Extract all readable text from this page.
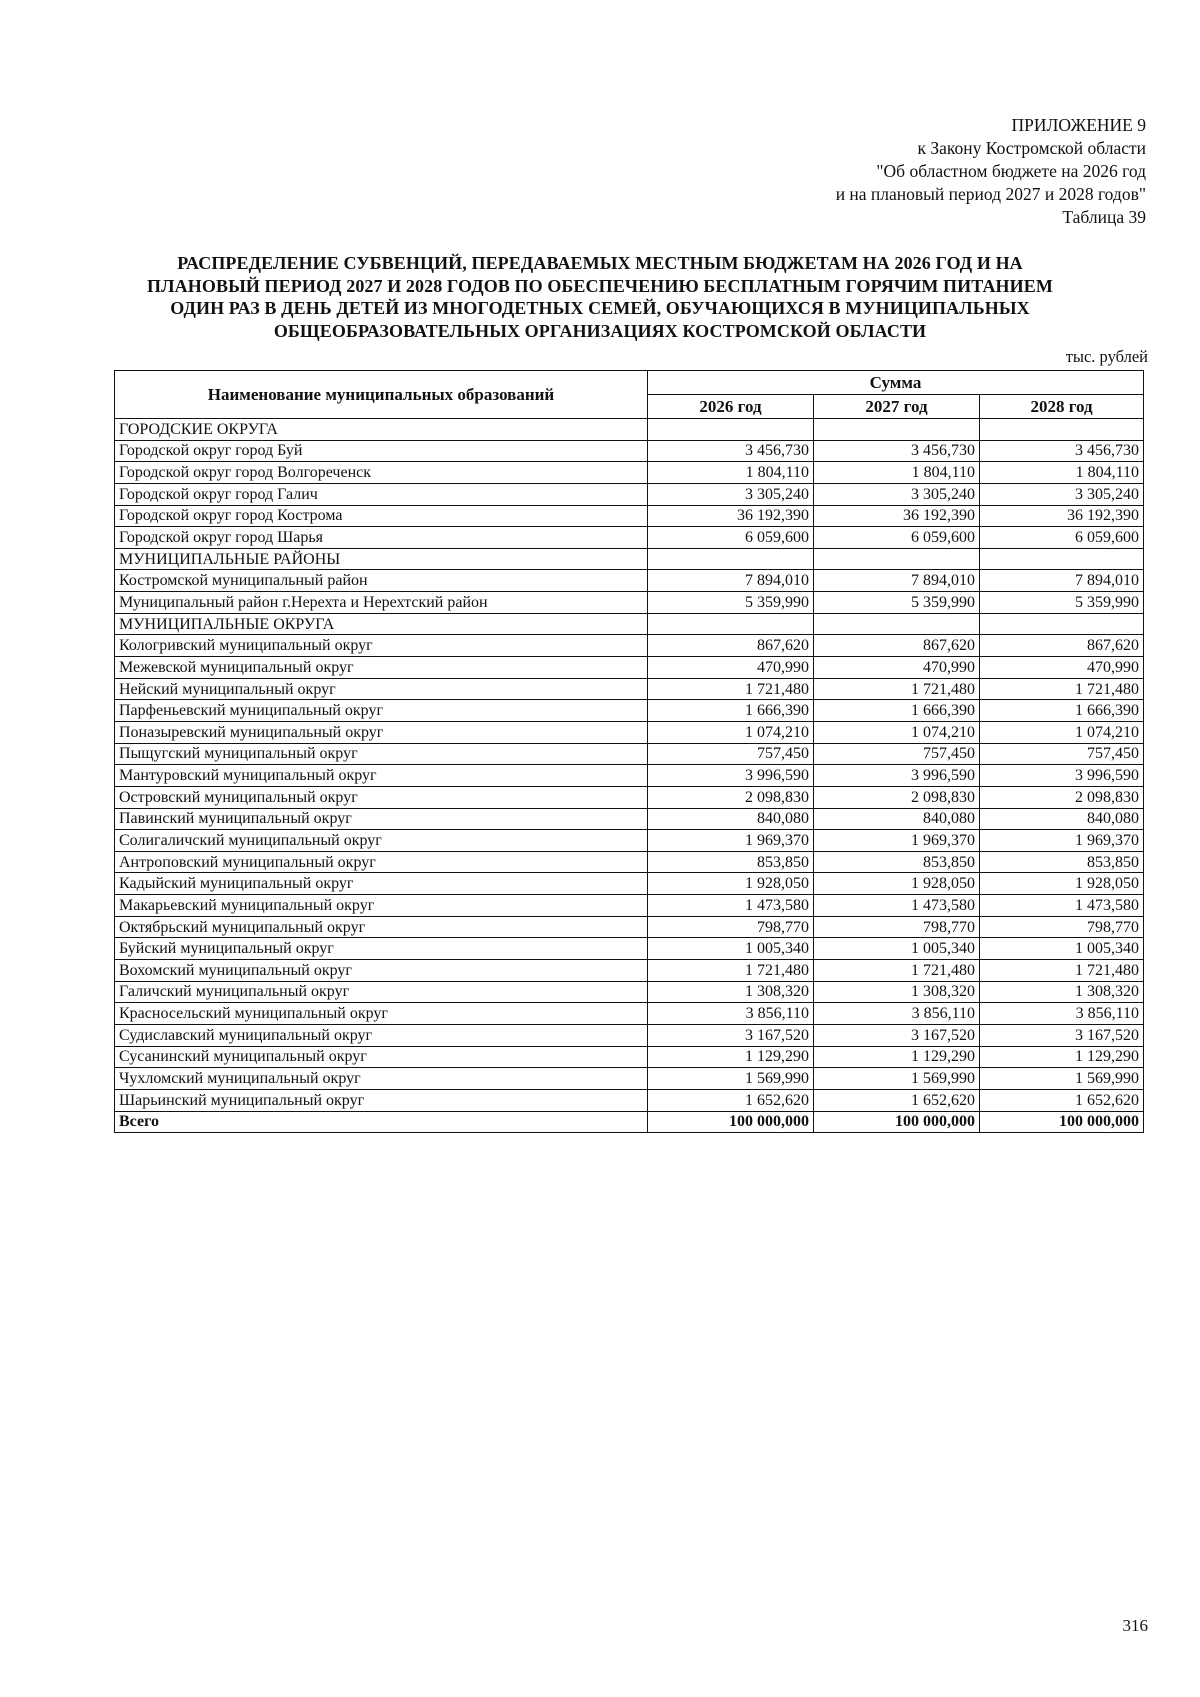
ПРИЛОЖЕНИЕ 9
к Закону Костромской области
"Об областном бюджете на 2026 год
и на плановый период 2027 и 2028 годов"
Таблица 39
РАСПРЕДЕЛЕНИЕ СУБВЕНЦИЙ, ПЕРЕДАВАЕМЫХ МЕСТНЫМ БЮДЖЕТАМ НА 2026 ГОД И НА
ПЛАНОВЫЙ ПЕРИОД 2027 И 2028 ГОДОВ ПО ОБЕСПЕЧЕНИЮ БЕСПЛАТНЫМ ГОРЯЧИМ ПИТАНИЕМ
ОДИН РАЗ В ДЕНЬ ДЕТЕЙ ИЗ МНОГОДЕТНЫХ СЕМЕЙ, ОБУЧАЮЩИХСЯ В МУНИЦИПАЛЬНЫХ
ОБЩЕОБРАЗОВАТЕЛЬНЫХ ОРГАНИЗАЦИЯХ КОСТРОМСКОЙ ОБЛАСТИ
тыс. рублей
Наименование муниципальных образований	Сумма		
	2026 год	2027 год	2028 год
ГОРОДСКИЕ ОКРУГА			
Городской округ город Буй	3 456,730	3 456,730	3 456,730
Городской округ город Волгореченск	1 804,110	1 804,110	1 804,110
Городской округ город Галич	3 305,240	3 305,240	3 305,240
Городской округ город Кострома	36 192,390	36 192,390	36 192,390
Городской округ город Шарья	6 059,600	6 059,600	6 059,600
МУНИЦИПАЛЬНЫЕ РАЙОНЫ			
Костромской муниципальный район	7 894,010	7 894,010	7 894,010
Муниципальный район г.Нерехта и Нерехтский район	5 359,990	5 359,990	5 359,990
МУНИЦИПАЛЬНЫЕ ОКРУГА			
Кологривский муниципальный округ	867,620	867,620	867,620
Межевской муниципальный округ	470,990	470,990	470,990
Нейский муниципальный округ	1 721,480	1 721,480	1 721,480
Парфеньевский муниципальный округ	1 666,390	1 666,390	1 666,390
Поназыревский муниципальный округ	1 074,210	1 074,210	1 074,210
Пыщугский муниципальный округ	757,450	757,450	757,450
Мантуровский муниципальный округ	3 996,590	3 996,590	3 996,590
Островский муниципальный округ	2 098,830	2 098,830	2 098,830
Павинский муниципальный округ	840,080	840,080	840,080
Солигаличский муниципальный округ	1 969,370	1 969,370	1 969,370
Антроповский муниципальный округ	853,850	853,850	853,850
Кадыйский муниципальный округ	1 928,050	1 928,050	1 928,050
Макарьевский муниципальный округ	1 473,580	1 473,580	1 473,580
Октябрьский муниципальный округ	798,770	798,770	798,770
Буйский муниципальный округ	1 005,340	1 005,340	1 005,340
Вохомский муниципальный округ	1 721,480	1 721,480	1 721,480
Галичский муниципальный округ	1 308,320	1 308,320	1 308,320
Красносельский муниципальный округ	3 856,110	3 856,110	3 856,110
Судиславский муниципальный округ	3 167,520	3 167,520	3 167,520
Сусанинский муниципальный округ	1 129,290	1 129,290	1 129,290
Чухломский муниципальный округ	1 569,990	1 569,990	1 569,990
Шарьинский муниципальный округ	1 652,620	1 652,620	1 652,620
Всего	100 000,000	100 000,000	100 000,000
316
